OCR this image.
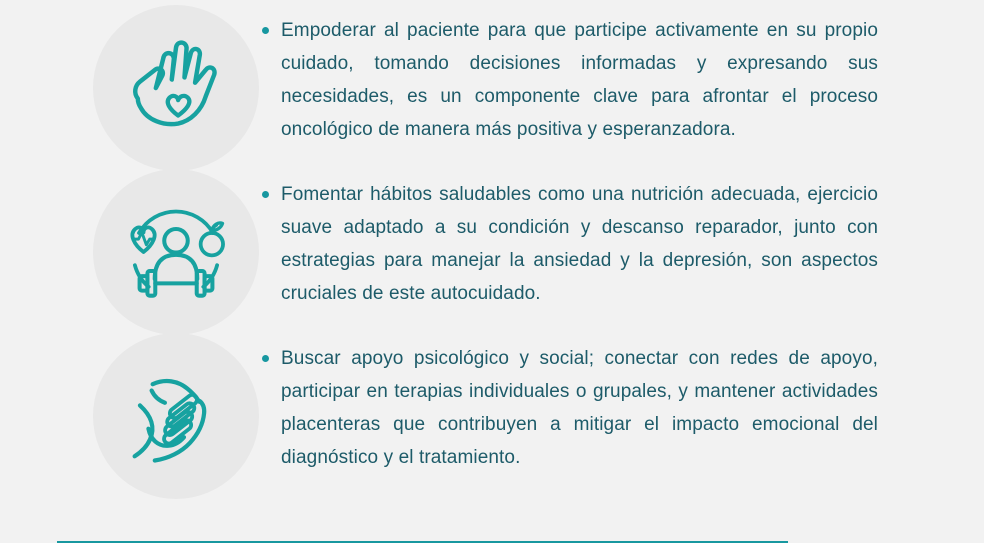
Empoderar al paciente para que participe activamente en su propio cuidado, tomando decisiones informadas y expresando sus necesidades, es un componente clave para afrontar el proceso oncológico de manera más positiva y esperanzadora.

Fomentar hábitos saludables como una nutrición adecuada, ejercicio suave adaptado a su condición y descanso reparador, junto con estrategias para manejar la ansiedad y la depresión, son aspectos cruciales de este autocuidado.

Buscar apoyo psicológico y social; conectar con redes de apoyo, participar en terapias individuales o grupales, y mantener actividades placenteras que contribuyen a mitigar el impacto emocional del diagnóstico y el tratamiento.
